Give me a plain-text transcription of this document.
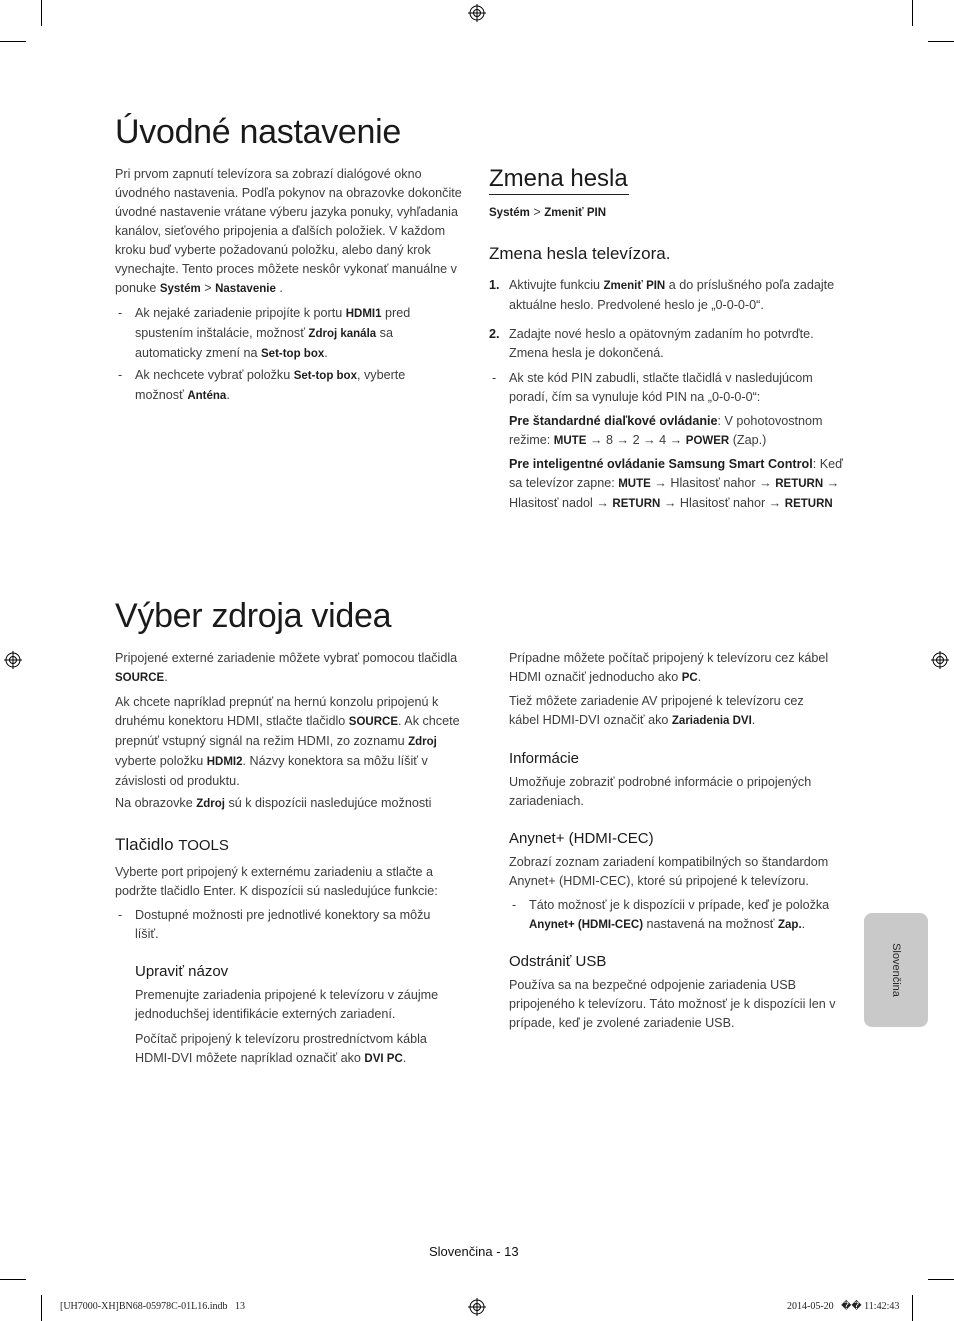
Úvodné nastavenie

Pri prvom zapnutí televízora sa zobrazí dialógové okno úvodného nastavenia. Podľa pokynov na obrazovke dokončite úvodné nastavenie vrátane výberu jazyka ponuky, vyhľadania kanálov, sieťového pripojenia a ďalších položiek. V každom kroku buď vyberte požadovanú položku, alebo daný krok vynechajte. Tento proces môžete neskôr vykonať manuálne v ponuke Systém > Nastavenie .

- Ak nejaké zariadenie pripojíte k portu HDMI1 pred spustením inštalácie, možnosť Zdroj kanála sa automaticky zmení na Set-top box.

- Ak nechcete vybrať položku Set-top box, vyberte možnosť Anténa.

Zmena hesla

Systém > Zmeniť PIN

Zmena hesla televízora.
1. Aktivujte funkciu Zmeniť PIN a do príslušného poľa zadajte aktuálne heslo. Predvolené heslo je „0-0-0-0“.

2. Zadajte nové heslo a opätovným zadaním ho potvrďte. Zmena hesla je dokončená.

- Ak ste kód PIN zabudli, stlačte tlačidlá v nasledujúcom poradí, čím sa vynuluje kód PIN na „0-0-0-0“:

Pre štandardné diaľkové ovládanie: V pohotovostnom režime: MUTE → 8 → 2 → 4 → POWER (Zap.)

Pre inteligentné ovládanie Samsung Smart Control: Keď sa televízor zapne: MUTE → Hlasitosť nahor → RETURN → Hlasitosť nadol → RETURN → Hlasitosť nahor → RETURN

Výber zdroja videa

Pripojené externé zariadenie môžete vybrať pomocou tlačidla SOURCE.

Ak chcete napríklad prepnúť na hernú konzolu pripojenú k druhému konektoru HDMI, stlačte tlačidlo SOURCE. Ak chcete prepnúť vstupný signál na režim HDMI, zo zoznamu Zdroj vyberte položku HDMI2. Názvy konektora sa môžu líšiť v závislosti od produktu.

Na obrazovke Zdroj sú k dispozícii nasledujúce možnosti

Tlačidlo TOOLS

Vyberte port pripojený k externému zariadeniu a stlačte a podržte tlačidlo Enter. K dispozícii sú nasledujúce funkcie:

- Dostupné možnosti pre jednotlivé konektory sa môžu líšiť.

Upraviť názov

Premenujte zariadenia pripojené k televízoru v záujme jednoduchšej identifikácie externých zariadení.

Počítač pripojený k televízoru prostredníctvom kábla HDMI-DVI môžete napríklad označiť ako DVI PC.

Prípadne môžete počítač pripojený k televízoru cez kábel HDMI označiť jednoducho ako PC.

Tiež môžete zariadenie AV pripojené k televízoru cez kábel HDMI-DVI označiť ako Zariadenia DVI.

Informácie

Umožňuje zobraziť podrobné informácie o pripojených zariadeniach.

Anynet+ (HDMI-CEC)

Zobrazí zoznam zariadení kompatibilných so štandardom Anynet+ (HDMI-CEC), ktoré sú pripojené k televízoru.

- Táto možnosť je k dispozícii v prípade, keď je položka Anynet+ (HDMI-CEC) nastavená na možnosť Zap..

Odstrániť USB

Používa sa na bezpečné odpojenie zariadenia USB pripojeného k televízoru. Táto možnosť je k dispozícii len v prípade, keď je zvolené zariadenie USB.

Slovenčina
Slovenčina - 13
[UH7000-XH]BN68-05978C-01L16.indb   13	2014-05-20   �� 11:42:43
